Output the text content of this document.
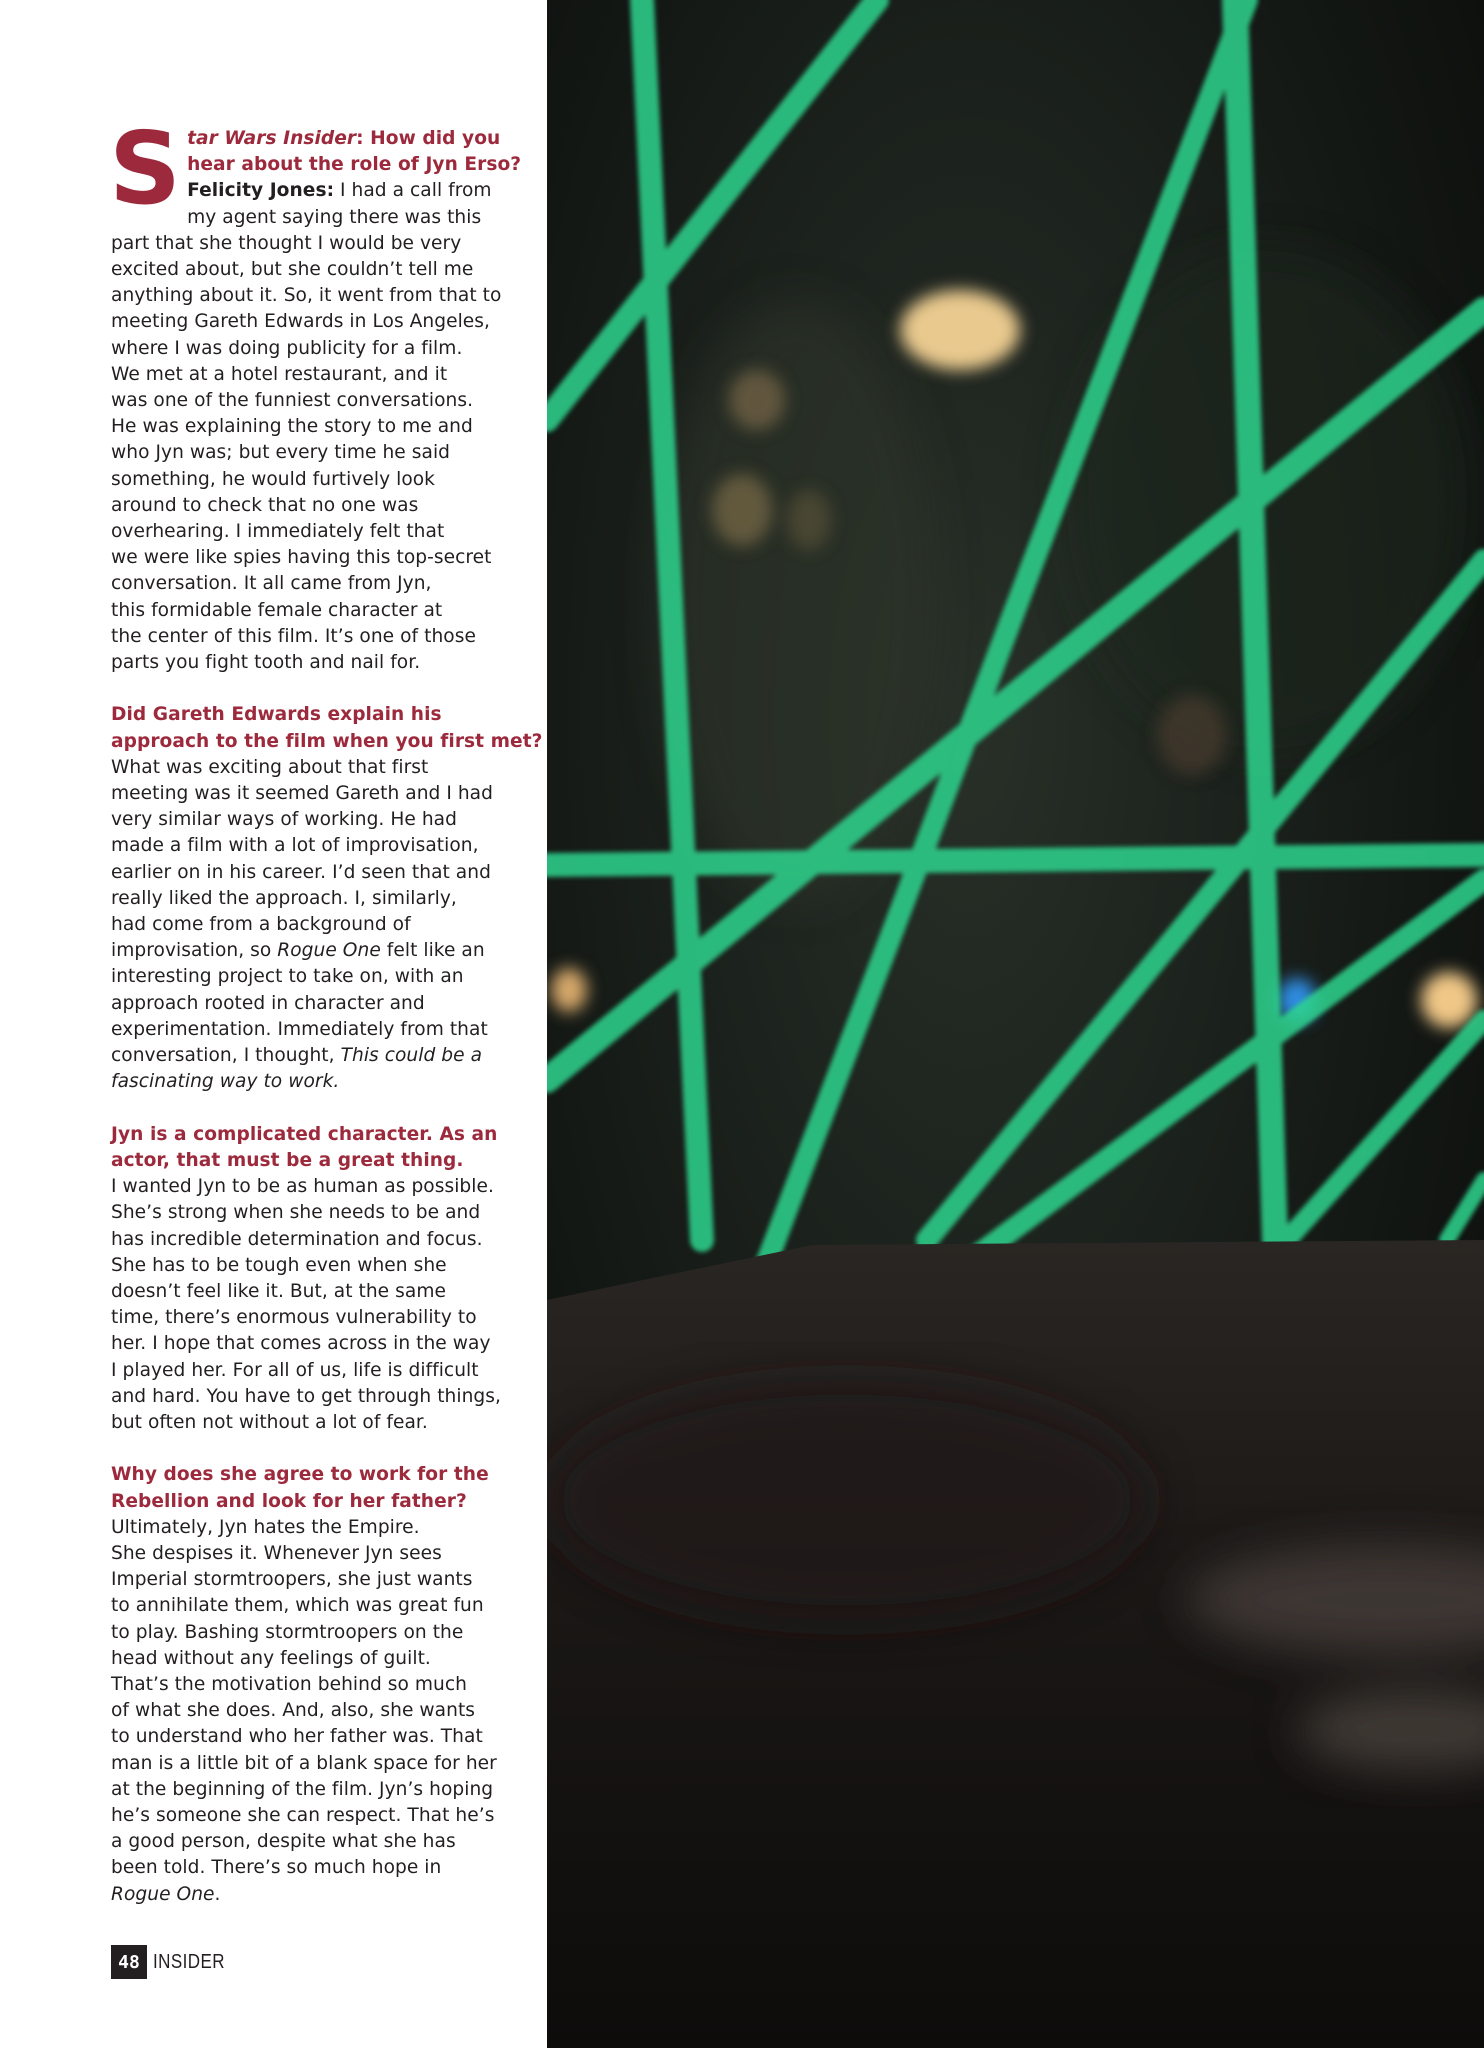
S tar Wars Insider: How did you
hear about the role of Jyn Erso?
Felicity Jones: I had a call from
my agent saying there was this
part that she thought I would be very
excited about, but she couldn’t tell me
anything about it. So, it went from that to
meeting Gareth Edwards in Los Angeles,
where I was doing publicity for a film.
We met at a hotel restaurant, and it
was one of the funniest conversations.
He was explaining the story to me and
who Jyn was; but every time he said
something, he would furtively look
around to check that no one was
overhearing. I immediately felt that
we were like spies having this top-secret
conversation. It all came from Jyn,
this formidable female character at
the center of this film. It’s one of those
parts you fight tooth and nail for.
Did Gareth Edwards explain his
approach to the film when you first met?
What was exciting about that first
meeting was it seemed Gareth and I had
very similar ways of working. He had
made a film with a lot of improvisation,
earlier on in his career. I’d seen that and
really liked the approach. I, similarly,
had come from a background of
improvisation, so Rogue One felt like an
interesting project to take on, with an
approach rooted in character and
experimentation. Immediately from that
conversation, I thought, This could be a
fascinating way to work.
Jyn is a complicated character. As an
actor, that must be a great thing.
I wanted Jyn to be as human as possible.
She’s strong when she needs to be and
has incredible determination and focus.
She has to be tough even when she
doesn’t feel like it. But, at the same
time, there’s enormous vulnerability to
her. I hope that comes across in the way
I played her. For all of us, life is difficult
and hard. You have to get through things,
but often not without a lot of fear.
Why does she agree to work for the
Rebellion and look for her father?
Ultimately, Jyn hates the Empire.
She despises it. Whenever Jyn sees
Imperial stormtroopers, she just wants
to annihilate them, which was great fun
to play. Bashing stormtroopers on the
head without any feelings of guilt.
That’s the motivation behind so much
of what she does. And, also, she wants
to understand who her father was. That
man is a little bit of a blank space for her
at the beginning of the film. Jyn’s hoping
he’s someone she can respect. That he’s
a good person, despite what she has
been told. There’s so much hope in
Rogue One.
48 INSIDER
